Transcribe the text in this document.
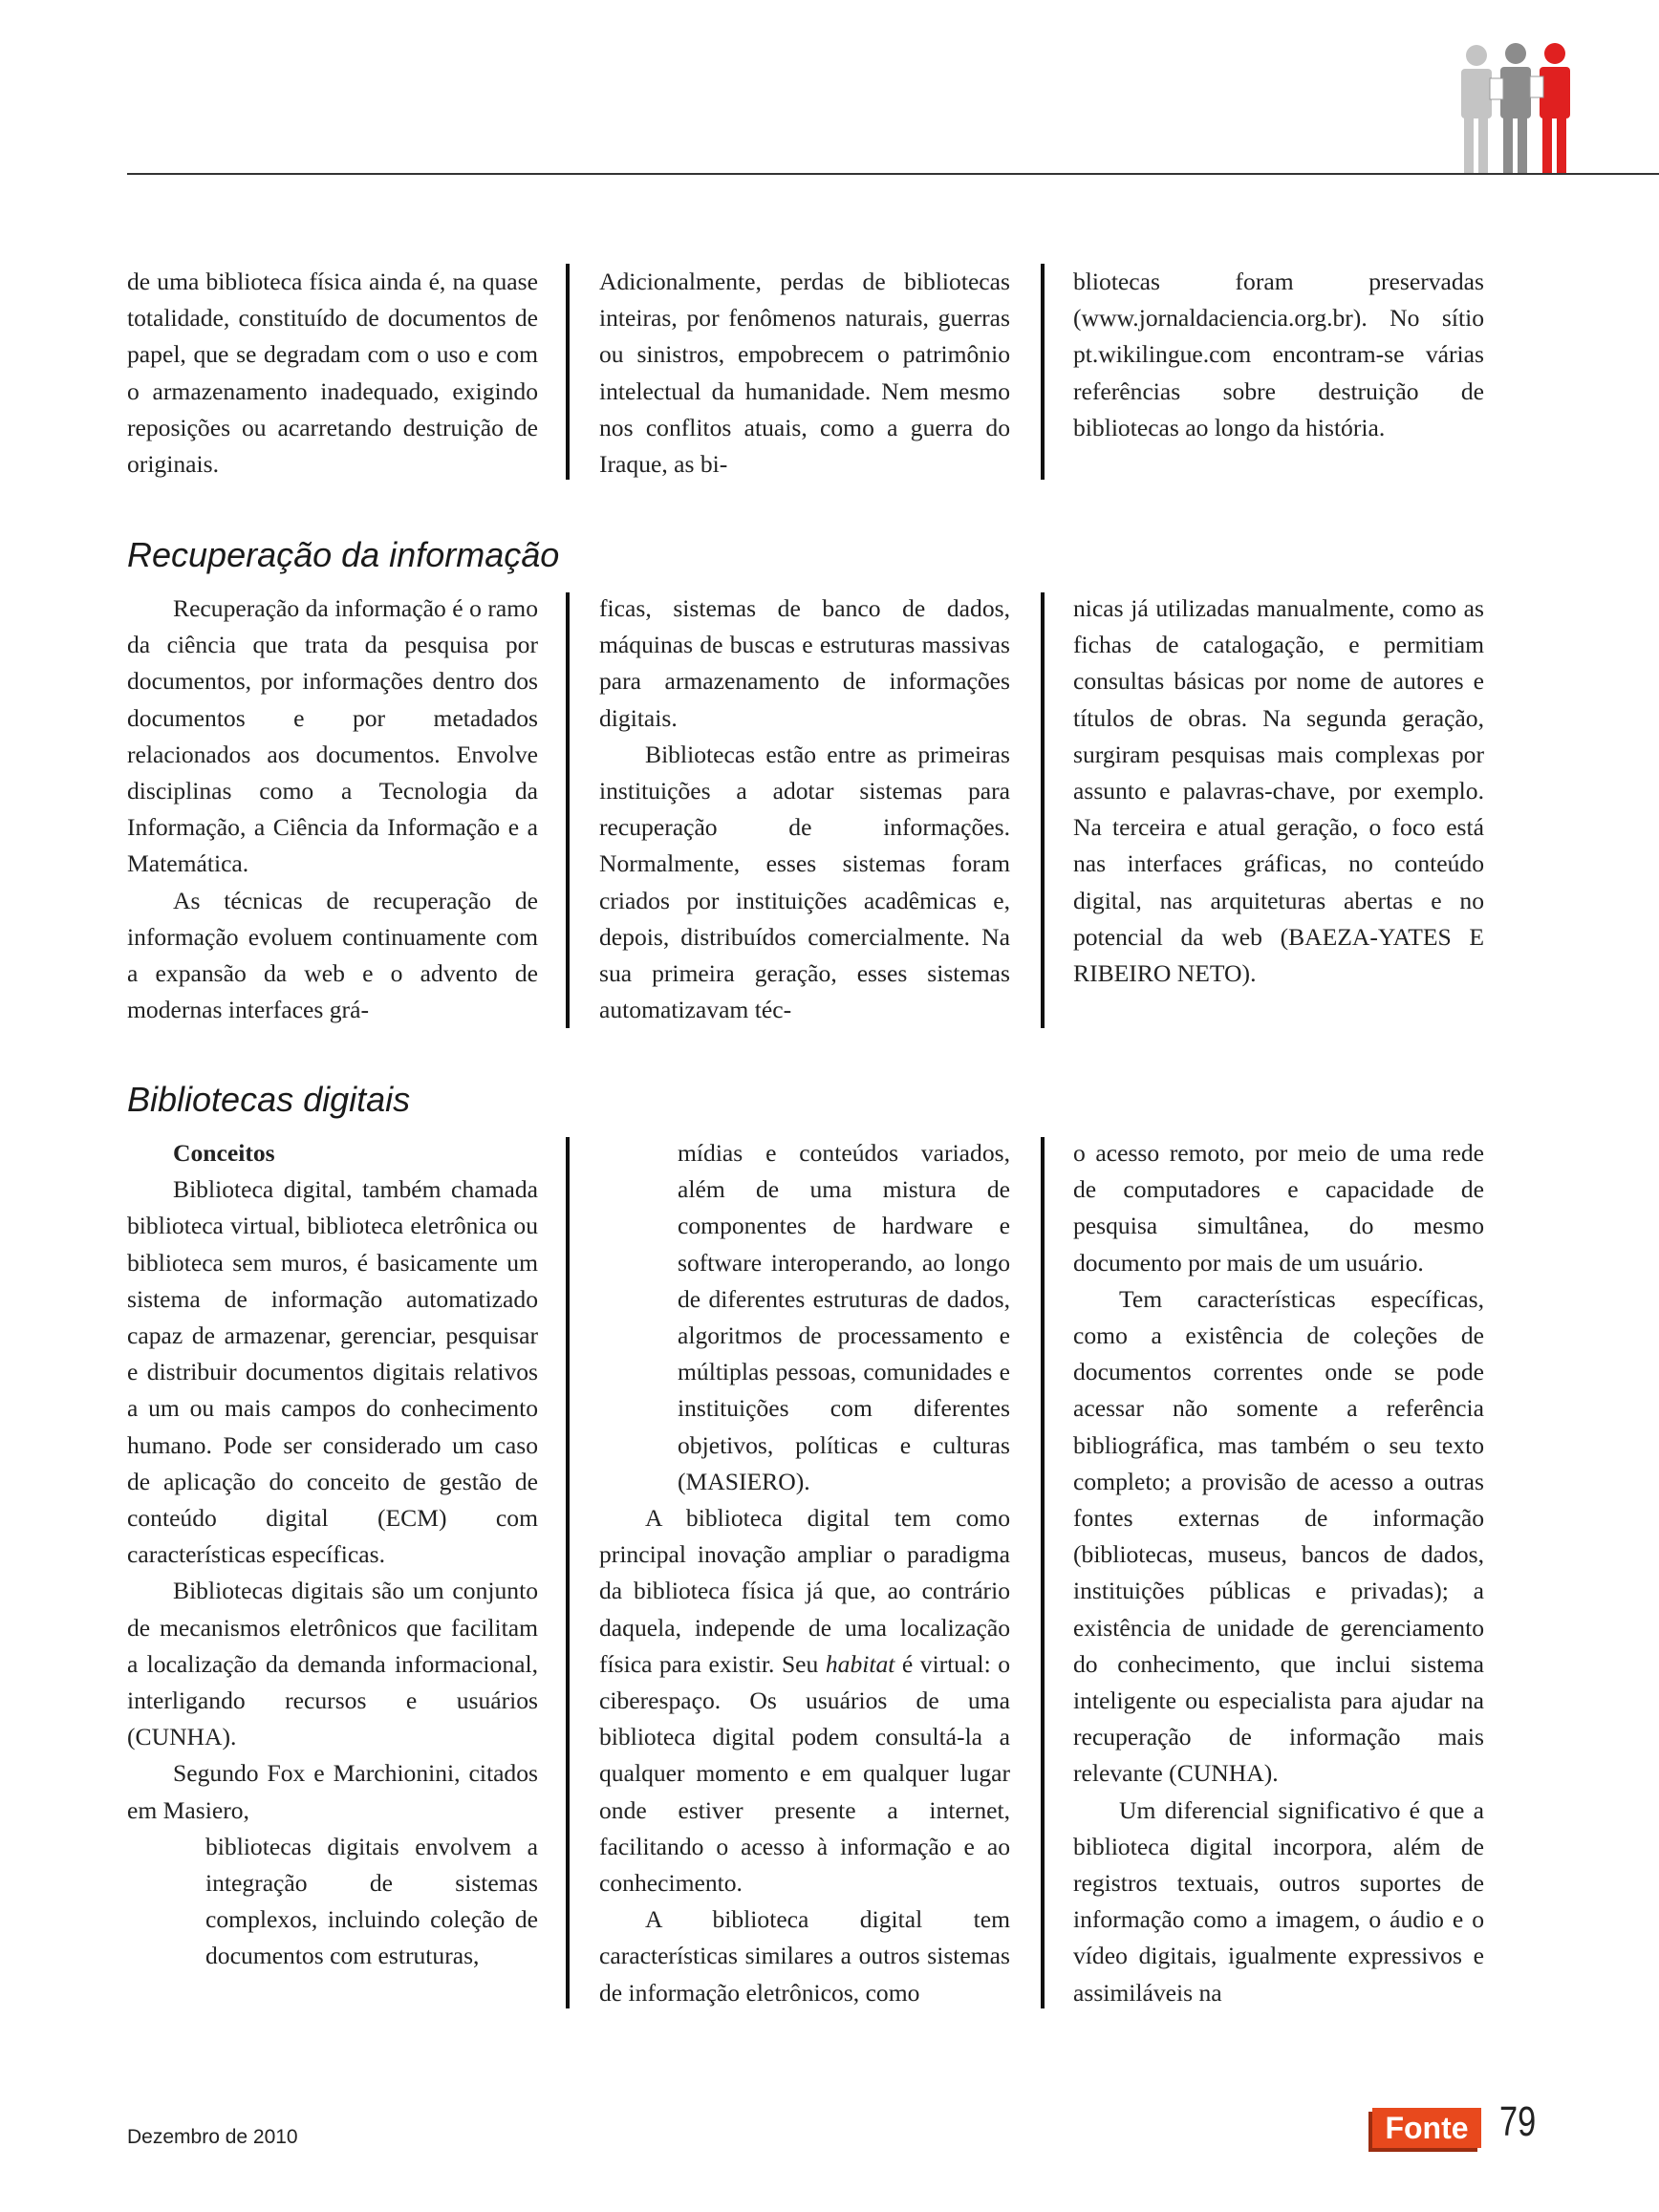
de uma biblioteca física ainda é, na quase totalidade, constituído de documentos de papel, que se degradam com o uso e com o armazenamento inadequado, exigindo reposições ou acarretando destruição de originais.

Adicionalmente, perdas de bibliotecas inteiras, por fenômenos naturais, guerras ou sinistros, empobrecem o patrimônio intelectual da humanidade. Nem mesmo nos conflitos atuais, como a guerra do Iraque, as bi-

bliotecas foram preservadas (www.jornaldaciencia.org.br). No sítio pt.wikilingue.com encontram-se várias referências sobre destruição de bibliotecas ao longo da história.

Recuperação da informação

Recuperação da informação é o ramo da ciência que trata da pesquisa por documentos, por informações dentro dos documentos e por metadados relacionados aos documentos. Envolve disciplinas como a Tecnologia da Informação, a Ciência da Informação e a Matemática.

As técnicas de recuperação de informação evoluem continuamente com a expansão da web e o advento de modernas interfaces grá-

ficas, sistemas de banco de dados, máquinas de buscas e estruturas massivas para armazenamento de informações digitais.

Bibliotecas estão entre as primeiras instituições a adotar sistemas para recuperação de informações. Normalmente, esses sistemas foram criados por instituições acadêmicas e, depois, distribuídos comercialmente. Na sua primeira geração, esses sistemas automatizavam téc-

nicas já utilizadas manualmente, como as fichas de catalogação, e permitiam consultas básicas por nome de autores e títulos de obras. Na segunda geração, surgiram pesquisas mais complexas por assunto e palavras-chave, por exemplo. Na terceira e atual geração, o foco está nas interfaces gráficas, no conteúdo digital, nas arquiteturas abertas e no potencial da web (BAEZA-YATES E RIBEIRO NETO).

Bibliotecas digitais
Conceitos

Biblioteca digital, também chamada biblioteca virtual, biblioteca eletrônica ou biblioteca sem muros, é basicamente um sistema de informação automatizado capaz de armazenar, gerenciar, pesquisar e distribuir documentos digitais relativos a um ou mais campos do conhecimento humano. Pode ser considerado um caso de aplicação do conceito de gestão de conteúdo digital (ECM) com características específicas.

Bibliotecas digitais são um conjunto de mecanismos eletrônicos que facilitam a localização da demanda informacional, interligando recursos e usuários (CUNHA).

Segundo Fox e Marchionini, citados em Masiero,

bibliotecas digitais envolvem a integração de sistemas complexos, incluindo coleção de documentos com estruturas,

mídias e conteúdos variados, além de uma mistura de componentes de hardware e software interoperando, ao longo de diferentes estruturas de dados, algoritmos de processamento e múltiplas pessoas, comunidades e instituições com diferentes objetivos, políticas e culturas (MASIERO).

A biblioteca digital tem como principal inovação ampliar o paradigma da biblioteca física já que, ao contrário daquela, independe de uma localização física para existir. Seu habitat é virtual: o ciberespaço. Os usuários de uma biblioteca digital podem consultá-la a qualquer momento e em qualquer lugar onde estiver presente a internet, facilitando o acesso à informação e ao conhecimento.

A biblioteca digital tem características similares a outros sistemas de informação eletrônicos, como

o acesso remoto, por meio de uma rede de computadores e capacidade de pesquisa simultânea, do mesmo documento por mais de um usuário.

Tem características específicas, como a existência de coleções de documentos correntes onde se pode acessar não somente a referência bibliográfica, mas também o seu texto completo; a provisão de acesso a outras fontes externas de informação (bibliotecas, museus, bancos de dados, instituições públicas e privadas); a existência de unidade de gerenciamento do conhecimento, que inclui sistema inteligente ou especialista para ajudar na recuperação de informação mais relevante (CUNHA).

Um diferencial significativo é que a biblioteca digital incorpora, além de registros textuais, outros suportes de informação como a imagem, o áudio e o vídeo digitais, igualmente expressivos e assimiláveis na

Dezembro de 2010	Fonte 79
